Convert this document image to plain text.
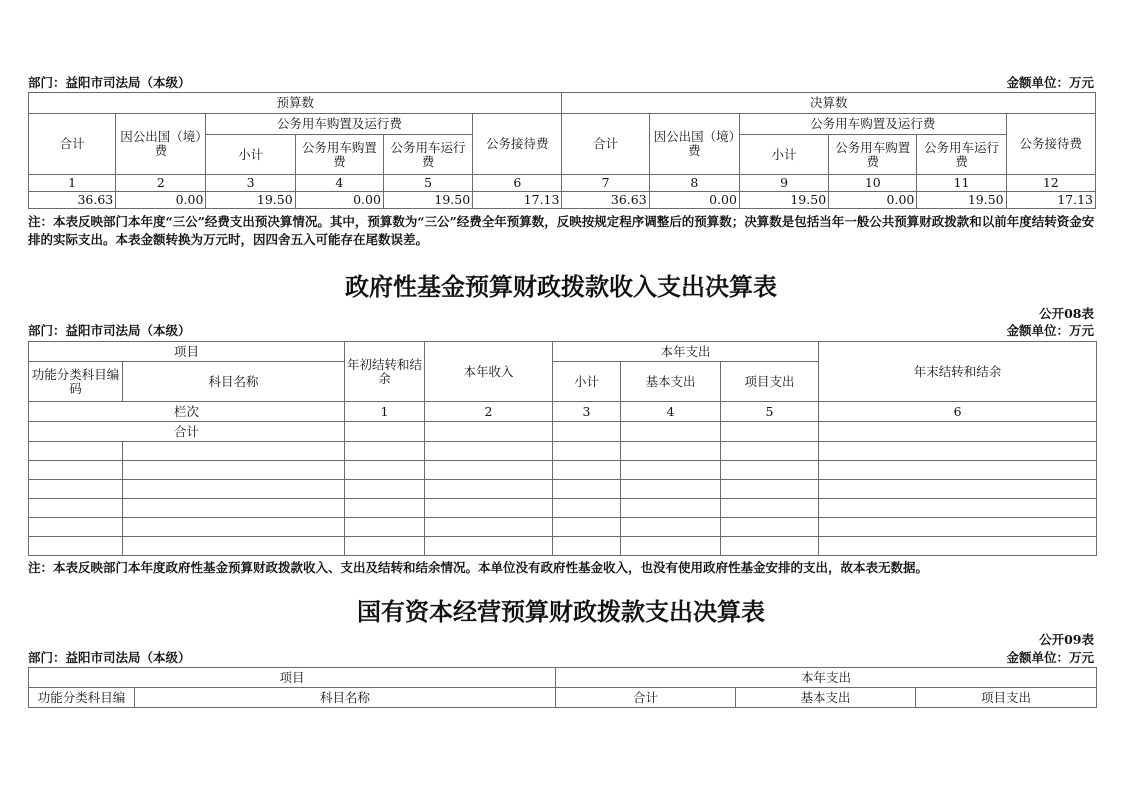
部门：益阳市司法局（本级）	金额单位：万元
预算数						决算数					
合计	因公出国（境）费	公务用车购置及运行费			公务接待费	合计	因公出国（境）费	公务用车购置及运行费			公务接待费
		小计	公务用车购置费	公务用车运行费				小计	公务用车购置费	公务用车运行费	
1	2	3	4	5	6	7	8	9	10	11	12
36.63	0.00	19.50	0.00	19.50	17.13	36.63	0.00	19.50	0.00	19.50	17.13
注：本表反映部门本年度“三公”经费支出预决算情况。其中，预算数为“三公”经费全年预算数，反映按规定程序调整后的预算数；决算数是包括当年一般公共预算财政拨款和以前年度结转资金安排的实际支出。本表金额转换为万元时，因四舍五入可能存在尾数误差。
政府性基金预算财政拨款收入支出决算表
公开08表
部门：益阳市司法局（本级）	金额单位：万元
项目		年初结转和结余	本年收入	本年支出			年末结转和结余
功能分类科目编码	科目名称			小计	基本支出	项目支出	
栏次		1	2	3	4	5	6
合计							

注：本表反映部门本年度政府性基金预算财政拨款收入、支出及结转和结余情况。本单位没有政府性基金收入，也没有使用政府性基金安排的支出，故本表无数据。
国有资本经营预算财政拨款支出决算表
公开09表
部门：益阳市司法局（本级）	金额单位：万元
项目		本年支出		
功能分类科目编	科目名称	合计	基本支出	项目支出
